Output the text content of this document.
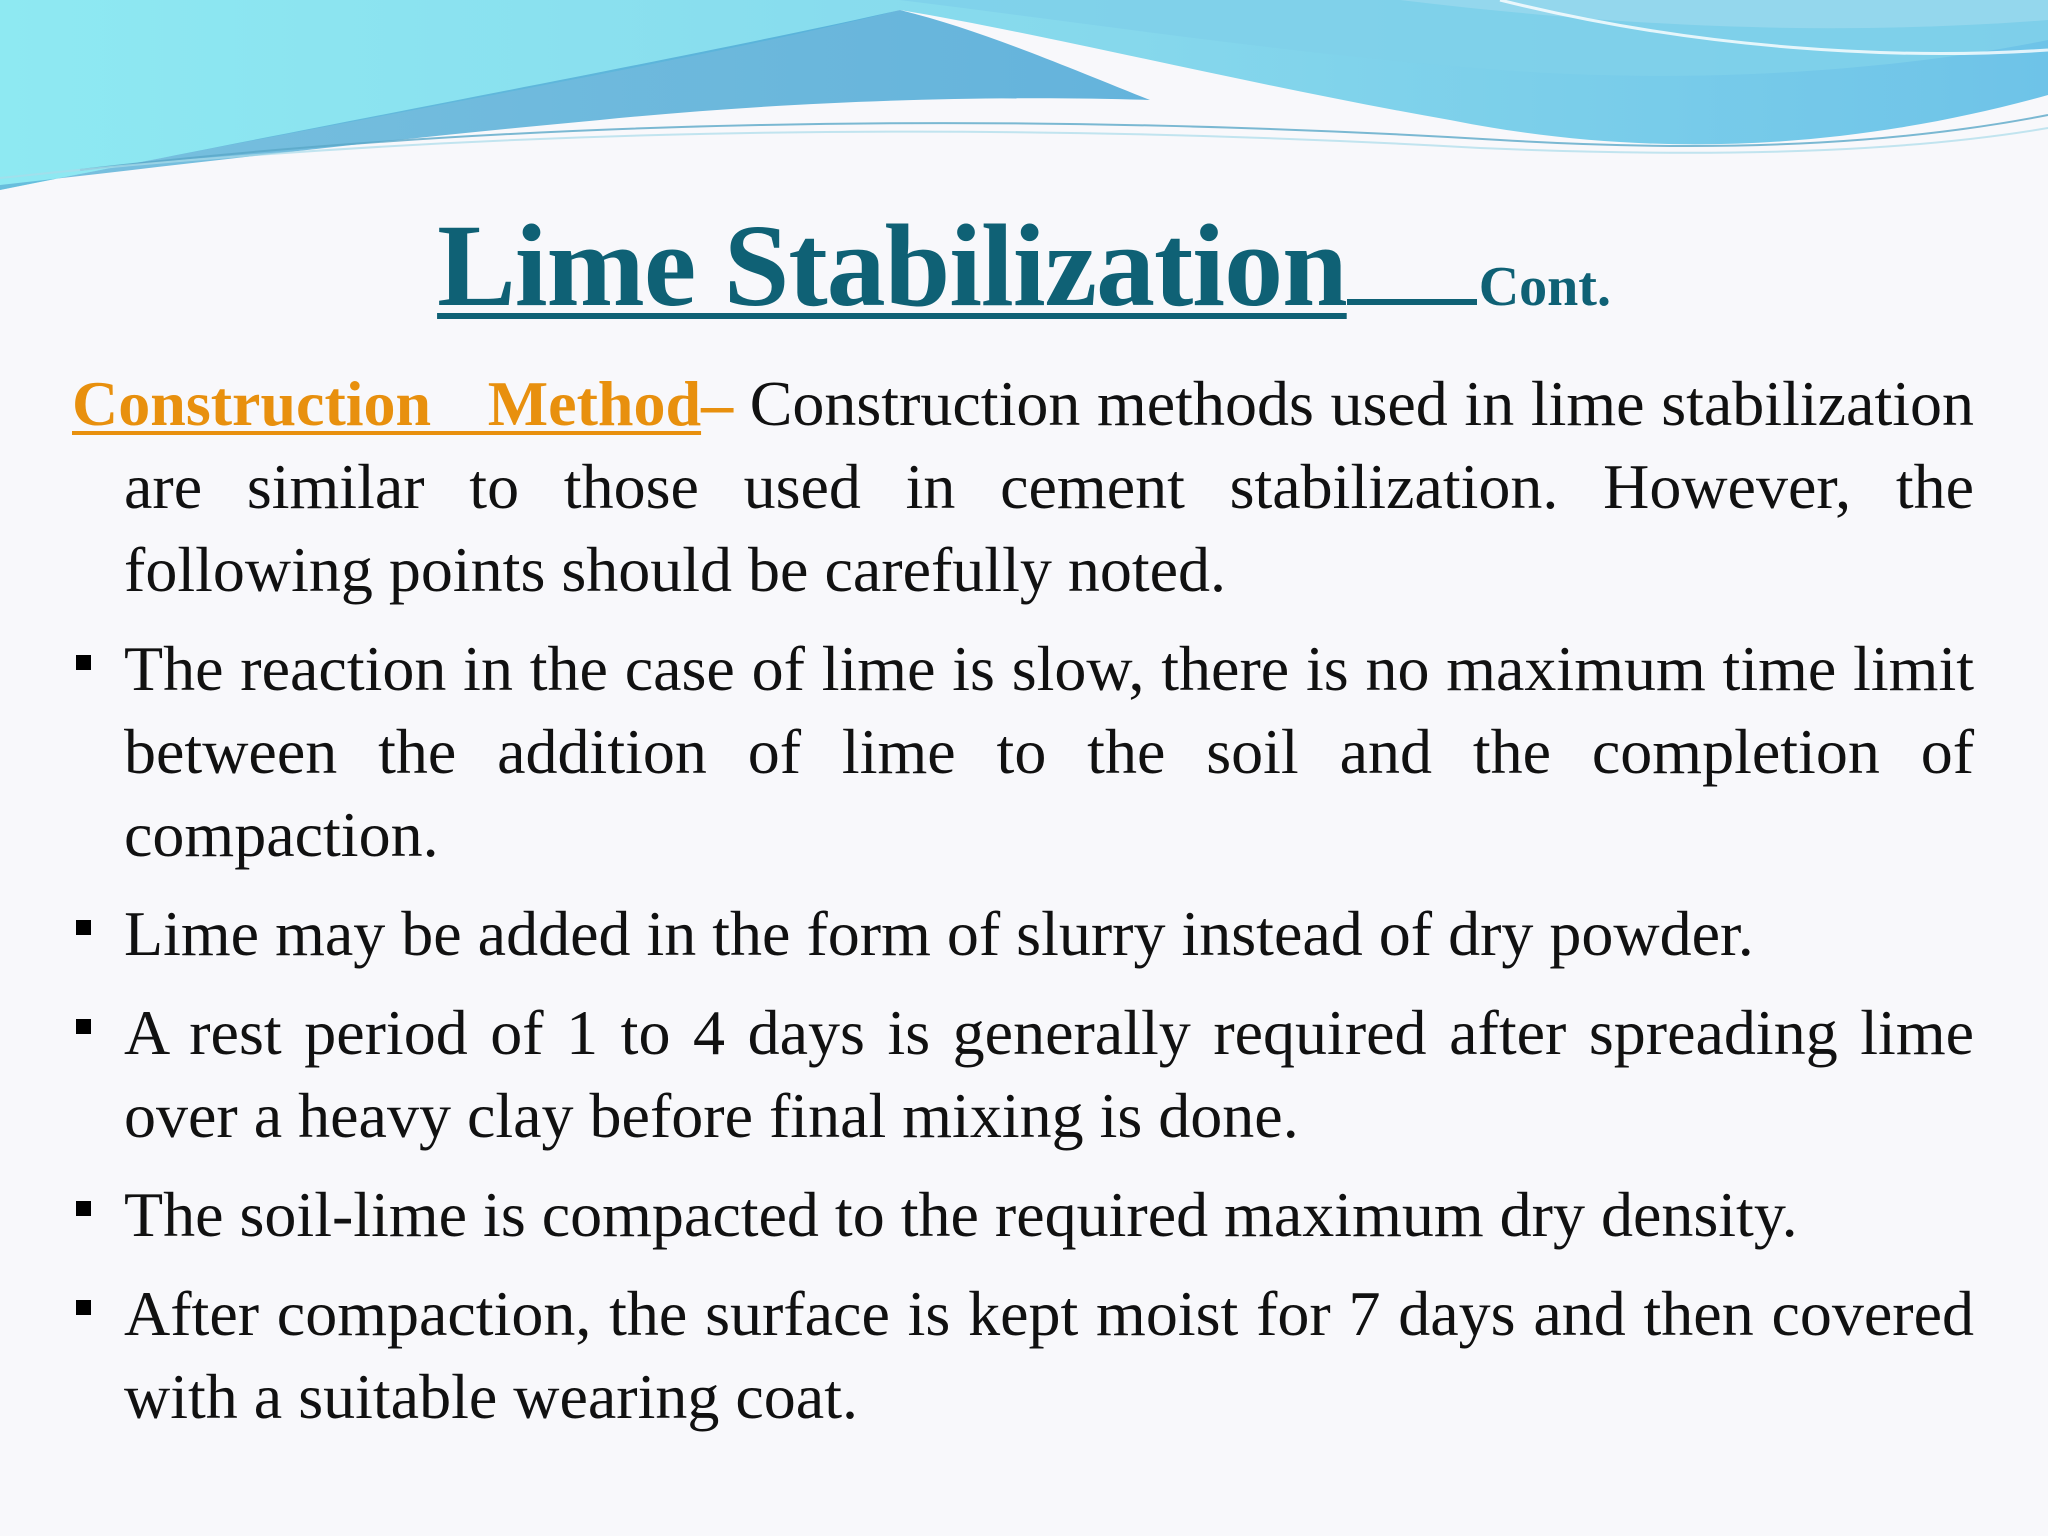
Lime Stabilization Cont.

Construction Method– Construction methods used in lime stabilization are similar to those used in cement stabilization. However, the following points should be carefully noted.

The reaction in the case of lime is slow, there is no maximum time limit between the addition of lime to the soil and the completion of compaction.
Lime may be added in the form of slurry instead of dry powder.
A rest period of 1 to 4 days is generally required after spreading lime over a heavy clay before final mixing is done.
The soil-lime is compacted to the required maximum dry density.
After compaction, the surface is kept moist for 7 days and then covered with a suitable wearing coat.
